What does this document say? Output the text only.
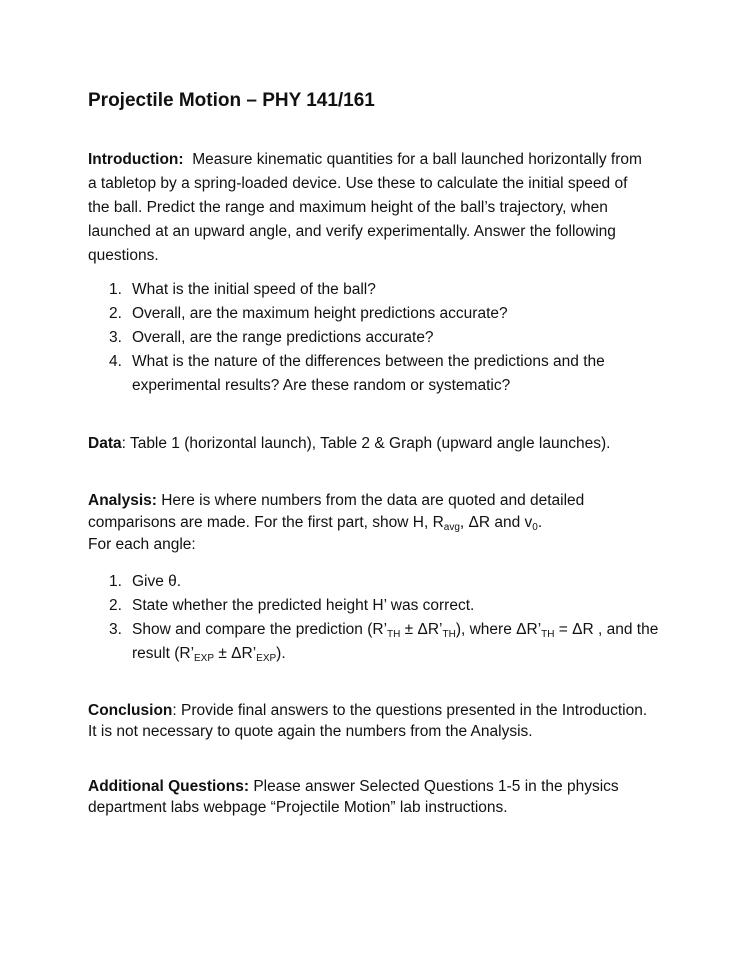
Projectile Motion – PHY 141/161

Introduction: Measure kinematic quantities for a ball launched horizontally from
a tabletop by a spring-loaded device. Use these to calculate the initial speed of
the ball. Predict the range and maximum height of the ball’s trajectory, when
launched at an upward angle, and verify experimentally. Answer the following
questions.

1. What is the initial speed of the ball?
2. Overall, are the maximum height predictions accurate?
3. Overall, are the range predictions accurate?
4. What is the nature of the differences between the predictions and the
experimental results? Are these random or systematic?

Data: Table 1 (horizontal launch), Table 2 & Graph (upward angle launches).

Analysis: Here is where numbers from the data are quoted and detailed
comparisons are made. For the first part, show H, $R_{avg}$, ΔR and $v_0$.
For each angle:

1. Give θ.
2. State whether the predicted height H’ was correct.
3. Show and compare the prediction ($R’_{TH}$ ± $\Delta R’_{TH}$), where $\Delta R’_{TH} = \Delta R$ , and the
result ($R’_{EXP}$ ± $\Delta R’_{EXP}$).

Conclusion: Provide final answers to the questions presented in the Introduction.
It is not necessary to quote again the numbers from the Analysis.

Additional Questions: Please answer Selected Questions 1-5 in the physics
department labs webpage “Projectile Motion” lab instructions.
